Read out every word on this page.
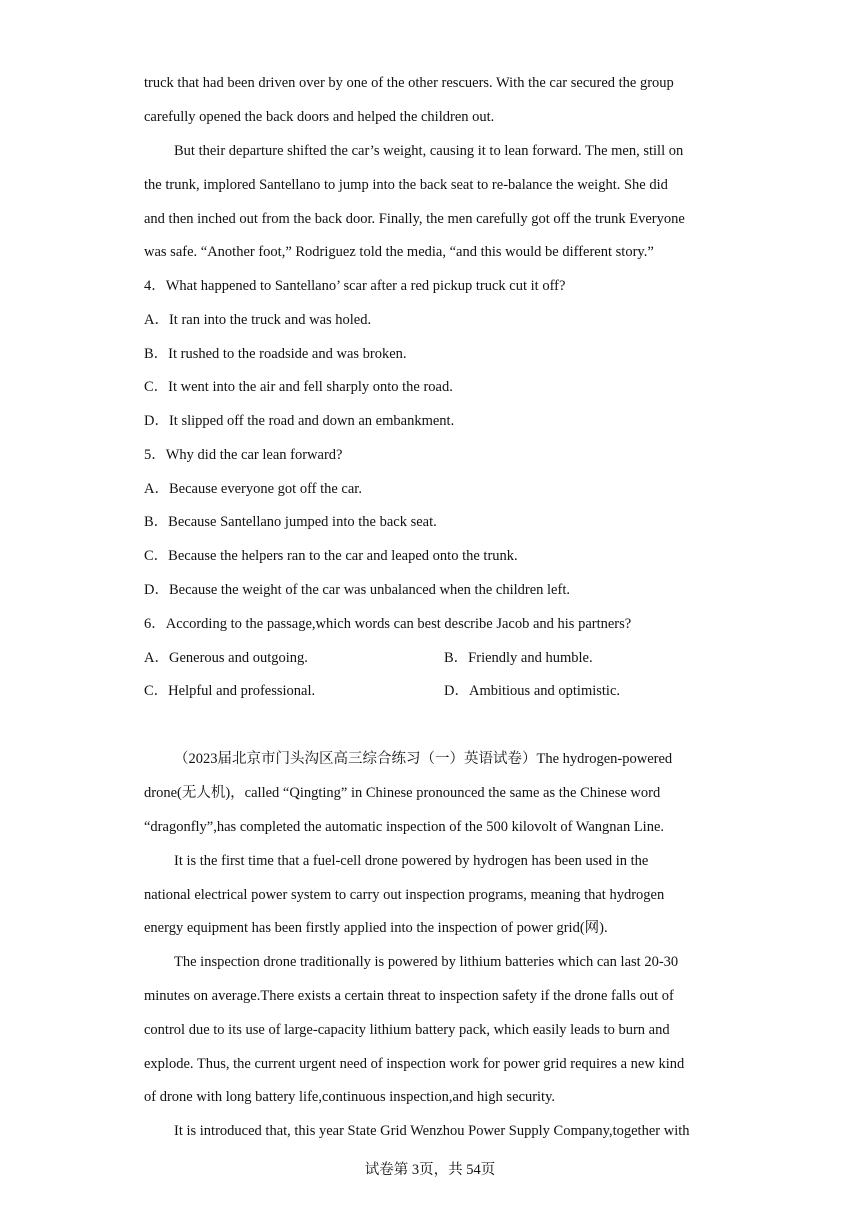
truck that had been driven over by one of the other rescuers. With the car secured the group
carefully opened the back doors and helped the children out.
But their departure shifted the car’s weight, causing it to lean forward. The men, still on
the trunk, implored Santellano to jump into the back seat to re-balance the weight. She did
and then inched out from the back door. Finally, the men carefully got off the trunk Everyone
was safe. “Another foot,” Rodriguez told the media, “and this would be different story.”
4．What happened to Santellano’ scar after a red pickup truck cut it off?
A．It ran into the truck and was holed.
B．It rushed to the roadside and was broken.
C．It went into the air and fell sharply onto the road.
D．It slipped off the road and down an embankment.
5．Why did the car lean forward?
A．Because everyone got off the car.
B．Because Santellano jumped into the back seat.
C．Because the helpers ran to the car and leaped onto the trunk.
D．Because the weight of the car was unbalanced when the children left.
6．According to the passage,which words can best describe Jacob and his partners?
A．Generous and outgoing.	B．Friendly and humble.
C．Helpful and professional.	D．Ambitious and optimistic.
（2023届北京市门头沟区高三综合练习（一）英语试卷）The hydrogen-powered
drone(无人机)，called “Qingting” in Chinese pronounced the same as the Chinese word
“dragonfly”,has completed the automatic inspection of the 500 kilovolt of Wangnan Line.
It is the first time that a fuel-cell drone powered by hydrogen has been used in the
national electrical power system to carry out inspection programs, meaning that hydrogen
energy equipment has been firstly applied into the inspection of power grid(网).
The inspection drone traditionally is powered by lithium batteries which can last 20-30
minutes on average.There exists a certain threat to inspection safety if the drone falls out of
control due to its use of large-capacity lithium battery pack, which easily leads to burn and
explode. Thus, the current urgent need of inspection work for power grid requires a new kind
of drone with long battery life,continuous inspection,and high security.
It is introduced that, this year State Grid Wenzhou Power Supply Company,together with
试卷第 3页，共 54页
